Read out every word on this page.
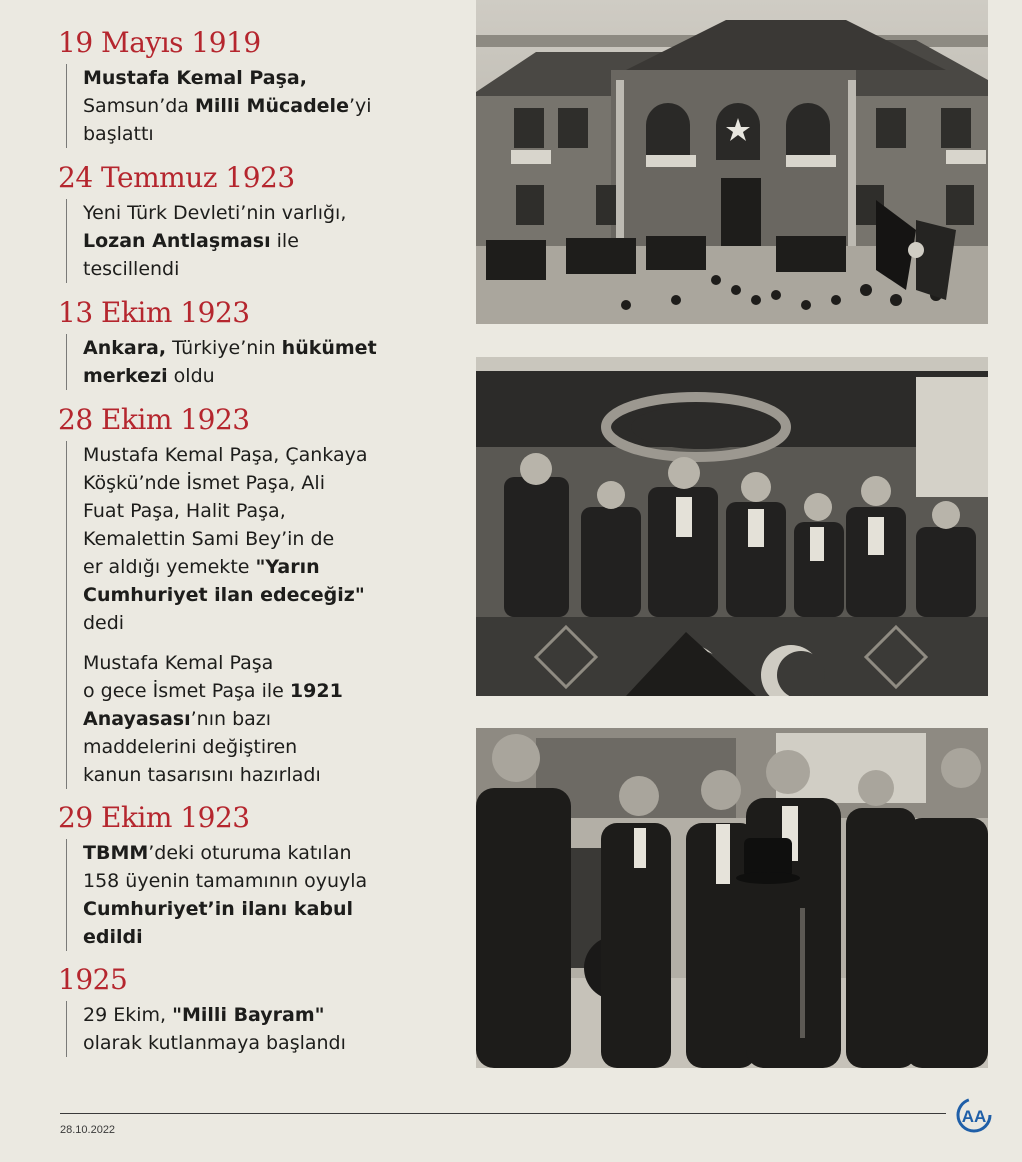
19 Mayıs 1919

Mustafa Kemal Paşa,
Samsun’da Milli Mücadele’yi
başlattı

24 Temmuz 1923

Yeni Türk Devleti’nin varlığı,
Lozan Antlaşması ile
tescillendi

13 Ekim 1923

Ankara, Türkiye’nin hükümet
merkezi oldu

28 Ekim 1923

Mustafa Kemal Paşa, Çankaya
Köşkü’nde İsmet Paşa, Ali
Fuat Paşa, Halit Paşa,
Kemalettin Sami Bey’in de
er aldığı yemekte "Yarın
Cumhuriyet ilan edeceğiz"
dedi

Mustafa Kemal Paşa
o gece İsmet Paşa ile 1921
Anayasası’nın bazı
maddelerini değiştiren
kanun tasarısını hazırladı

29 Ekim 1923

TBMM’deki oturuma katılan
158 üyenin tamamının oyuyla
Cumhuriyet’in ilanı kabul
edildi

1925

29 Ekim, "Milli Bayram"
olarak kutlanmaya başlandı

28.10.2022
AA
